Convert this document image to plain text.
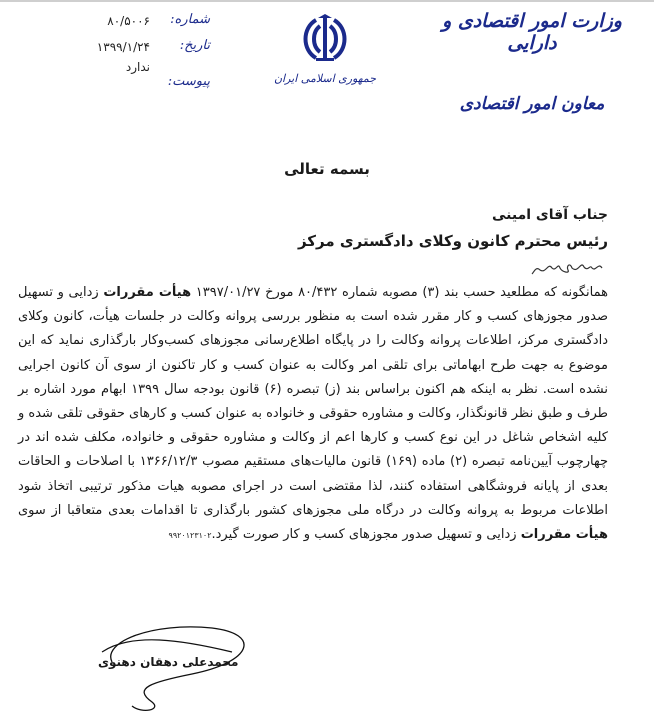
شماره:
۸۰/۵۰۰۶
تاریخ:
۱۳۹۹/۱/۲۴
پیوست:
ندارد
جمهوری اسلامی ایران
وزارت امور اقتصادی و دارایی
معاون امور اقتصادی
بسمه تعالی
جناب آقای امینی
رئیس محترم کانون وکلای دادگستری مرکز
همانگونه که مطلعید حسب بند (۳) مصوبه شماره ۸۰/۴۳۲ مورخ ۱۳۹۷/۰۱/۲۷ هیأت مقررات زدایی و تسهیل صدور مجوزهای کسب و کار مقرر شده است به منظور بررسی پروانه وکالت در جلسات هیأت، کانون وکلای دادگستری مرکز، اطلاعات پروانه وکالت را در پایگاه اطلاع‌رسانی مجوزهای کسب‌وکار بارگذاری نماید که این موضوع به جهت طرح ابهاماتی برای تلقی امر وکالت به عنوان کسب و کار تاکنون از سوی آن کانون اجرایی نشده است. نظر به اینکه هم اکنون براساس بند (ز) تبصره (۶) قانون بودجه سال ۱۳۹۹ ابهام مورد اشاره بر طرف و طبق نظر قانونگذار، وکالت و مشاوره حقوقی و خانواده به عنوان کسب و کارهای حقوقی تلقی شده و کلیه اشخاص شاغل در این نوع کسب و کارها اعم از وکالت و مشاوره حقوقی و خانواده، مکلف شده اند در چهارچوب آیین‌نامه تبصره (۲) ماده (۱۶۹) قانون مالیات‌های مستقیم مصوب ۱۳۶۶/۱۲/۳ با اصلاحات و الحاقات بعدی از پایانه فروشگاهی استفاده کنند، لذا مقتضی است در اجرای مصوبه هیات مذکور ترتیبی اتخاذ شود اطلاعات مربوط به پروانه وکالت در درگاه ملی مجوزهای کشور بارگذاری تا اقدامات بعدی متعاقبا از سوی هیأت مقررات زدایی و تسهیل صدور مجوزهای کسب و کار صورت گیرد.۹۹۲۰۱۲۳۱۰۲
محمدعلی دهقان دهنوی
